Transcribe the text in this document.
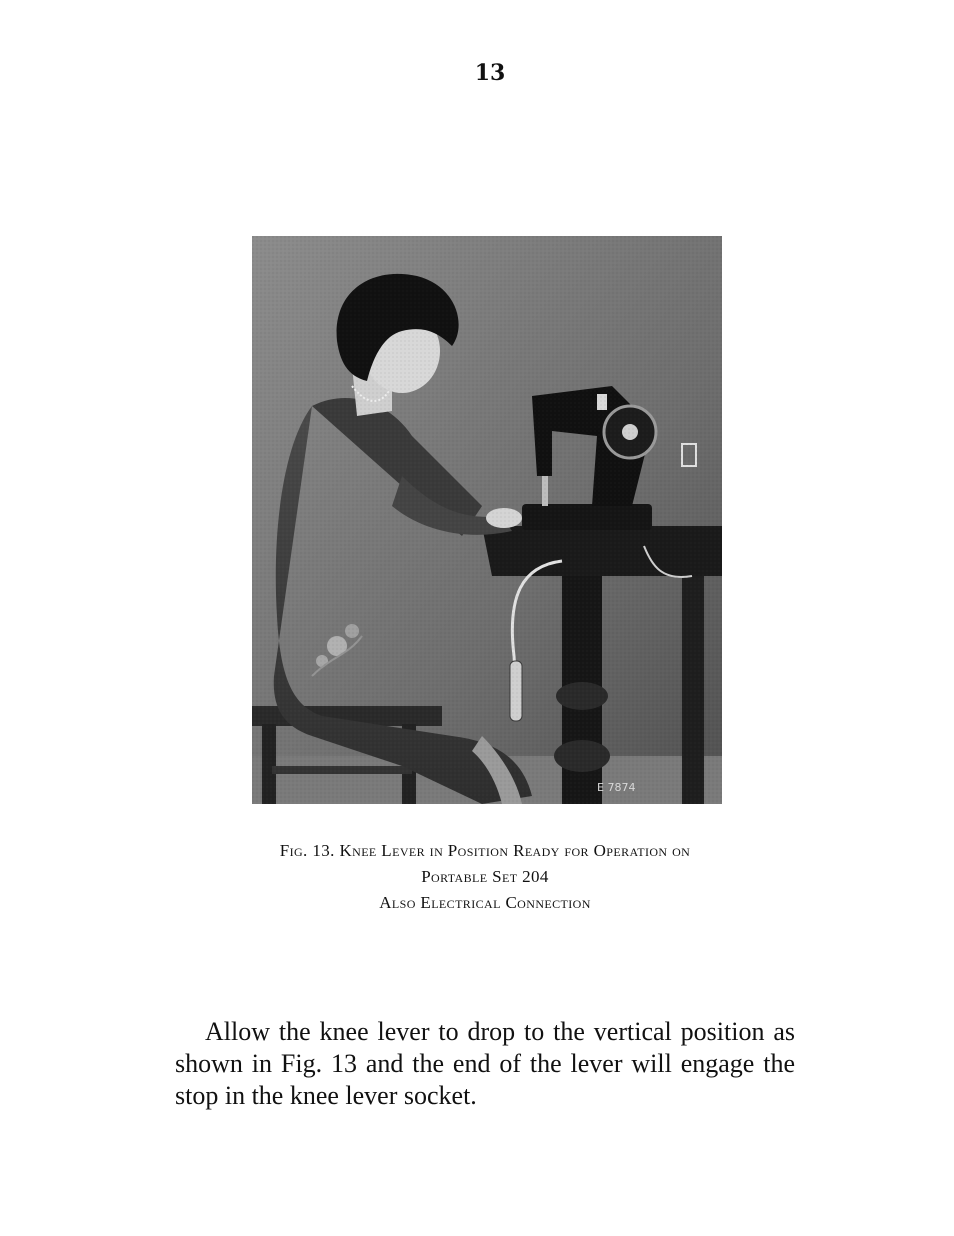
13
E 7874
Fig. 13. Knee Lever in Position Ready for Operation on
Portable Set 204
Also Electrical Connection

Allow the knee lever to drop to the vertical position as shown in Fig. 13 and the end of the lever will engage the stop in the knee lever socket.
